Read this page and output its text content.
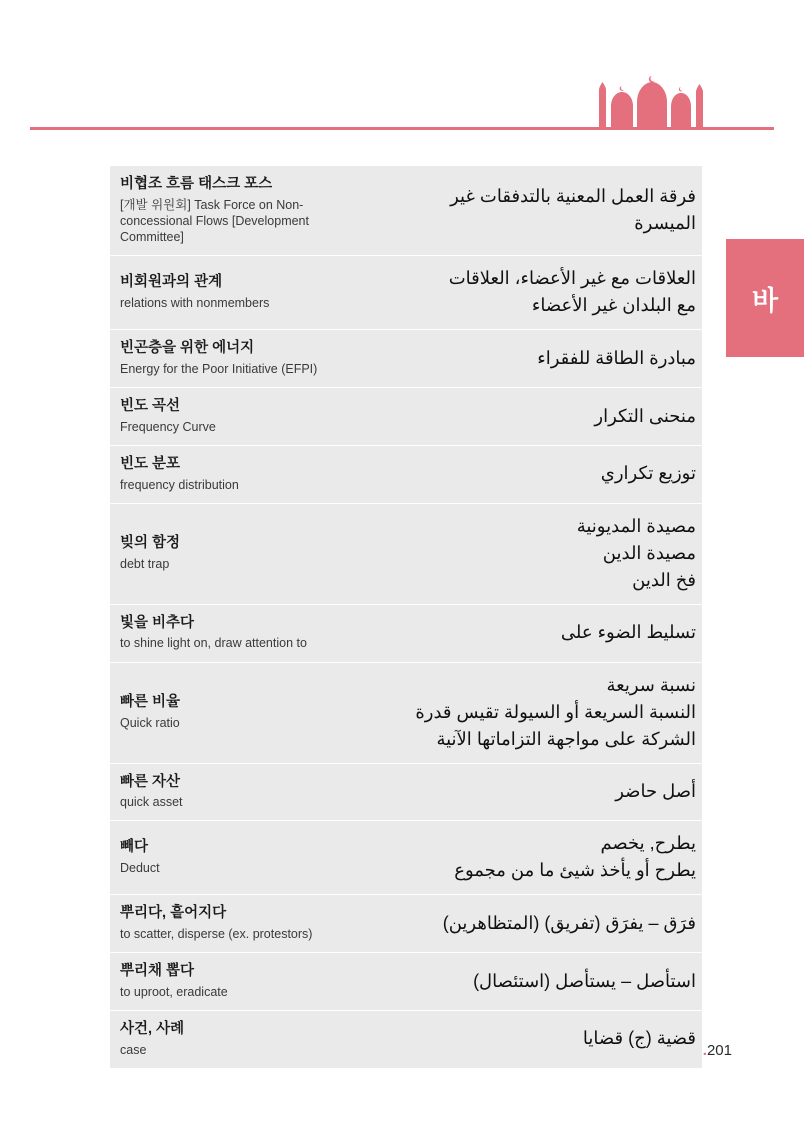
바
비협조 흐름 태스크 포스
[개발 위원회] Task Force on Non-concessional Flows [Development Committee]
فرقة العمل المعنية بالتدفقات غير
الميسرة
비회원과의 관계
relations with nonmembers
العلاقات مع غير الأعضاء، العلاقات
مع البلدان غير الأعضاء
빈곤층을 위한 에너지
Energy for the Poor Initiative (EFPI)
مبادرة الطاقة للفقراء
빈도 곡선
Frequency Curve
منحنى التكرار
빈도 분포
frequency distribution
توزيع تكراري
빚의 함정
debt trap
مصيدة المديونية
مصيدة الدين
فخ الدين
빛을 비추다
to shine light on, draw attention to
تسليط الضوء على
빠른 비율
Quick ratio
نسبة سريعة
النسبة السريعة أو السيولة تقيس قدرة
الشركة على مواجهة التزاماتها الآنية
빠른 자산
quick asset
أصل حاضر
빼다
Deduct
يطرح, يخصم
يطرح أو يأخذ شيئ ما من مجموع
뿌리다, 흩어지다
to scatter, disperse (ex. protestors)
فرَق – يفرَق (تفريق) (المتظاهرين)
뿌리채 뽑다
to uproot, eradicate
استأصل – يستأصل (استئصال)
사건, 사례
case
قضية (ج) قضايا
.201
